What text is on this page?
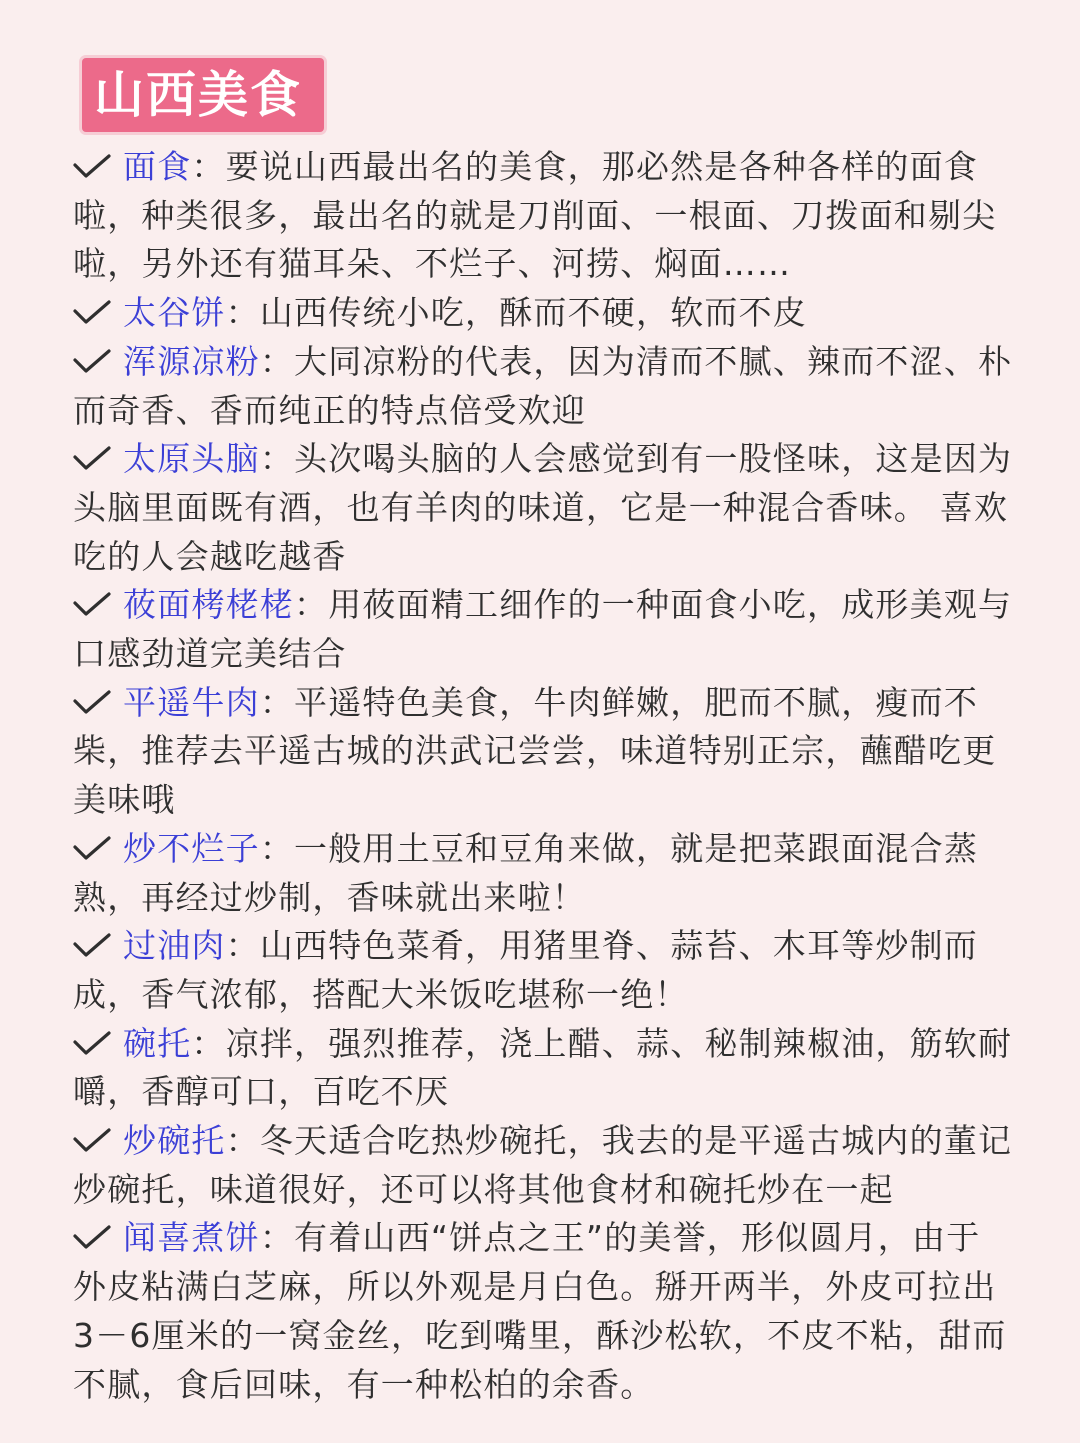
山西美食
面食：要说山西最出名的美食，那必然是各种各样的面食啦，种类很多，最出名的就是刀削面、一根面、刀拨面和剔尖啦，另外还有猫耳朵、不烂子、河捞、焖面……
太谷饼：山西传统小吃，酥而不硬，软而不皮
浑源凉粉：大同凉粉的代表，因为清而不腻、辣而不涩、朴而奇香、香而纯正的特点倍受欢迎
太原头脑：头次喝头脑的人会感觉到有一股怪味，这是因为头脑里面既有酒，也有羊肉的味道，它是一种混合香味。 喜欢吃的人会越吃越香
莜面栲栳栳：用莜面精工细作的一种面食小吃，成形美观与口感劲道完美结合
平遥牛肉：平遥特色美食，牛肉鲜嫩，肥而不腻，瘦而不柴，推荐去平遥古城的洪武记尝尝，味道特别正宗，蘸醋吃更美味哦
炒不烂子：一般用土豆和豆角来做，就是把菜跟面混合蒸熟，再经过炒制，香味就出来啦！
过油肉：山西特色菜肴，用猪里脊、蒜苔、木耳等炒制而成，香气浓郁，搭配大米饭吃堪称一绝！
碗托：凉拌，强烈推荐，浇上醋、蒜、秘制辣椒油，筋软耐嚼，香醇可口，百吃不厌
炒碗托：冬天适合吃热炒碗托，我去的是平遥古城内的董记炒碗托，味道很好，还可以将其他食材和碗托炒在一起
闻喜煮饼：有着山西“饼点之王”的美誉，形似圆月，由于外皮粘满白芝麻，所以外观是月白色。掰开两半，外皮可拉出3－6厘米的一窝金丝，吃到嘴里，酥沙松软，不皮不粘，甜而不腻，食后回味，有一种松柏的余香。
